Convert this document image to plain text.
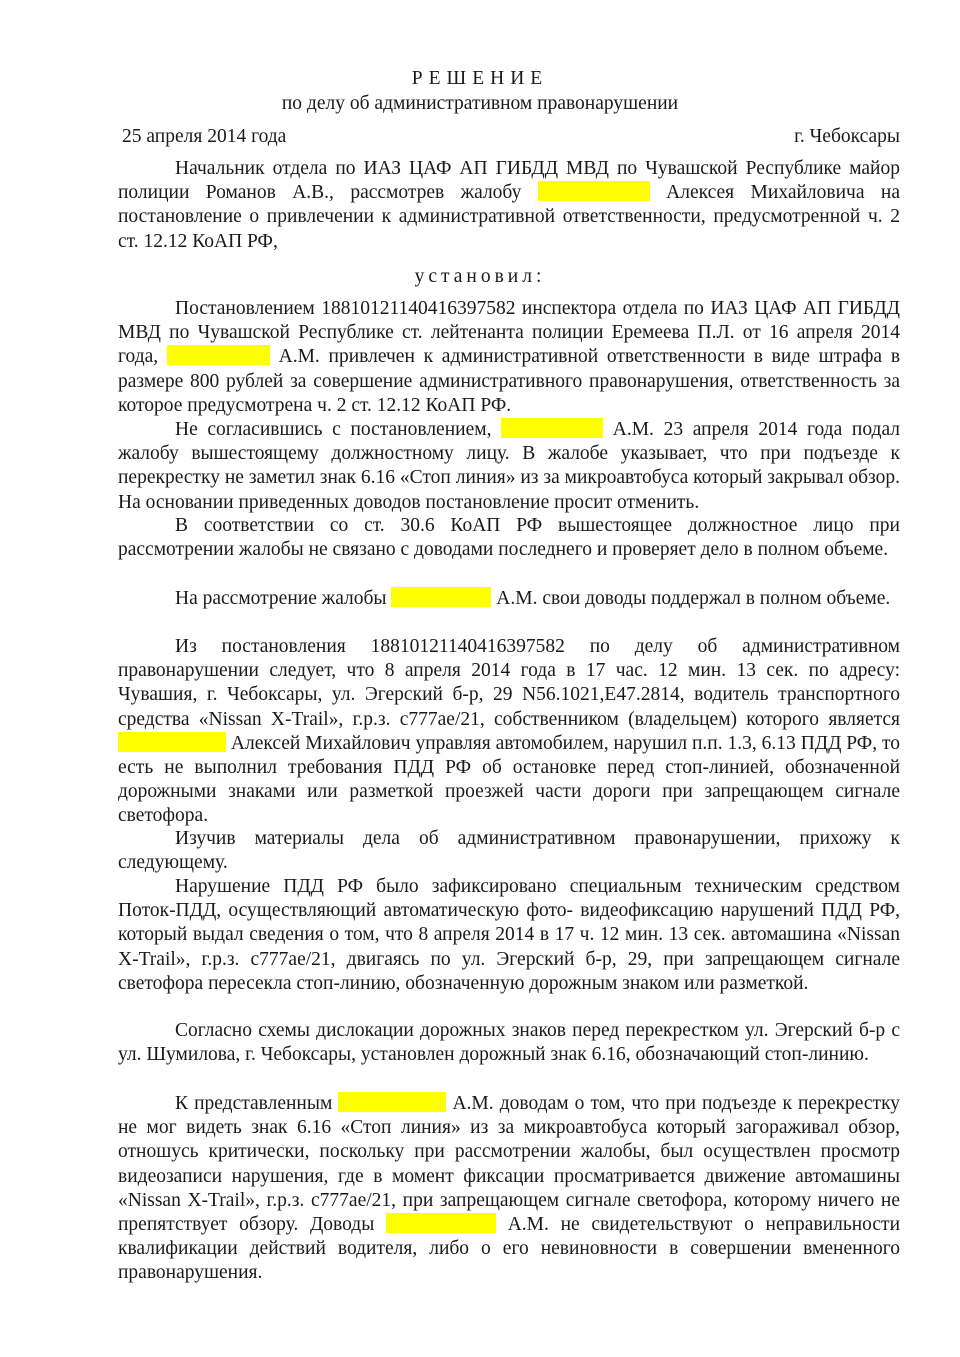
РЕШЕНИЕ
по делу об административном правонарушении
25 апреля 2014 года	г. Чебоксары
Начальник отдела по ИАЗ ЦАФ АП ГИБДД МВД по Чувашской Республике майор полиции Романов А.В., рассмотрев жалобу	Алексея Михайловича на постановление о привлечении к административной ответственности, предусмотренной ч. 2 ст. 12.12 КоАП РФ,
установил:
Постановлением 18810121140416397582 инспектора отдела по ИАЗ ЦАФ АП ГИБДД МВД по Чувашской Республике ст. лейтенанта полиции Еремеева П.Л. от 16 апреля 2014 года,	А.М. привлечен к административной ответственности в виде штрафа в размере 800 рублей за совершение административного правонарушения, ответственность за которое предусмотрена ч. 2 ст. 12.12 КоАП РФ.
Не согласившись с постановлением,	А.М. 23 апреля 2014 года подал жалобу вышестоящему должностному лицу. В жалобе указывает, что при подъезде к перекрестку не заметил знак 6.16 «Стоп линия» из за микроавтобуса который закрывал обзор. На основании приведенных доводов постановление просит отменить.
В соответствии со ст. 30.6 КоАП РФ вышестоящее должностное лицо при рассмотрении жалобы не связано с доводами последнего и проверяет дело в полном объеме.
На рассмотрение жалобы	А.М. свои доводы поддержал в полном объеме.
Из постановления 18810121140416397582 по делу об административном правонарушении следует, что 8 апреля 2014 года в 17 час. 12 мин. 13 сек. по адресу: Чувашия, г. Чебоксары, ул. Эгерский б-р, 29 N56.1021,E47.2814, водитель транспортного средства «Nissan X-Trail», г.р.з. с777ае/21, собственником (владельцем) которого является  Алексей Михайлович управляя автомобилем, нарушил п.п. 1.3, 6.13 ПДД РФ, то есть не выполнил требования ПДД РФ об остановке перед стоп-линией, обозначенной дорожными знаками или разметкой проезжей части дороги при запрещающем сигнале светофора.
Изучив материалы дела об административном правонарушении, прихожу к следующему.
Нарушение ПДД РФ было зафиксировано специальным техническим средством Поток-ПДД, осуществляющий автоматическую фото- видеофиксацию нарушений ПДД РФ, который выдал сведения о том, что 8 апреля 2014 в 17 ч. 12 мин. 13 сек. автомашина «Nissan X-Trail», г.р.з. с777ае/21, двигаясь по ул. Эгерский б-р, 29, при запрещающем сигнале светофора пересекла стоп-линию, обозначенную дорожным знаком или разметкой.
Согласно схемы дислокации дорожных знаков перед перекрестком ул. Эгерский б-р с ул. Шумилова, г. Чебоксары, установлен дорожный знак 6.16, обозначающий стоп-линию.
К представленным	А.М. доводам о том, что при подъезде к перекрестку не мог видеть знак 6.16 «Стоп линия» из за микроавтобуса который загораживал обзор, отношусь критически, поскольку при рассмотрении жалобы, был осуществлен просмотр видеозаписи нарушения, где в момент фиксации просматривается движение автомашины «Nissan X-Trail», г.р.з. с777ае/21, при запрещающем сигнале светофора, которому ничего не препятствует обзору. Доводы	А.М. не свидетельствуют о неправильности квалификации действий водителя, либо о его невиновности в совершении вмененного правонарушения.
